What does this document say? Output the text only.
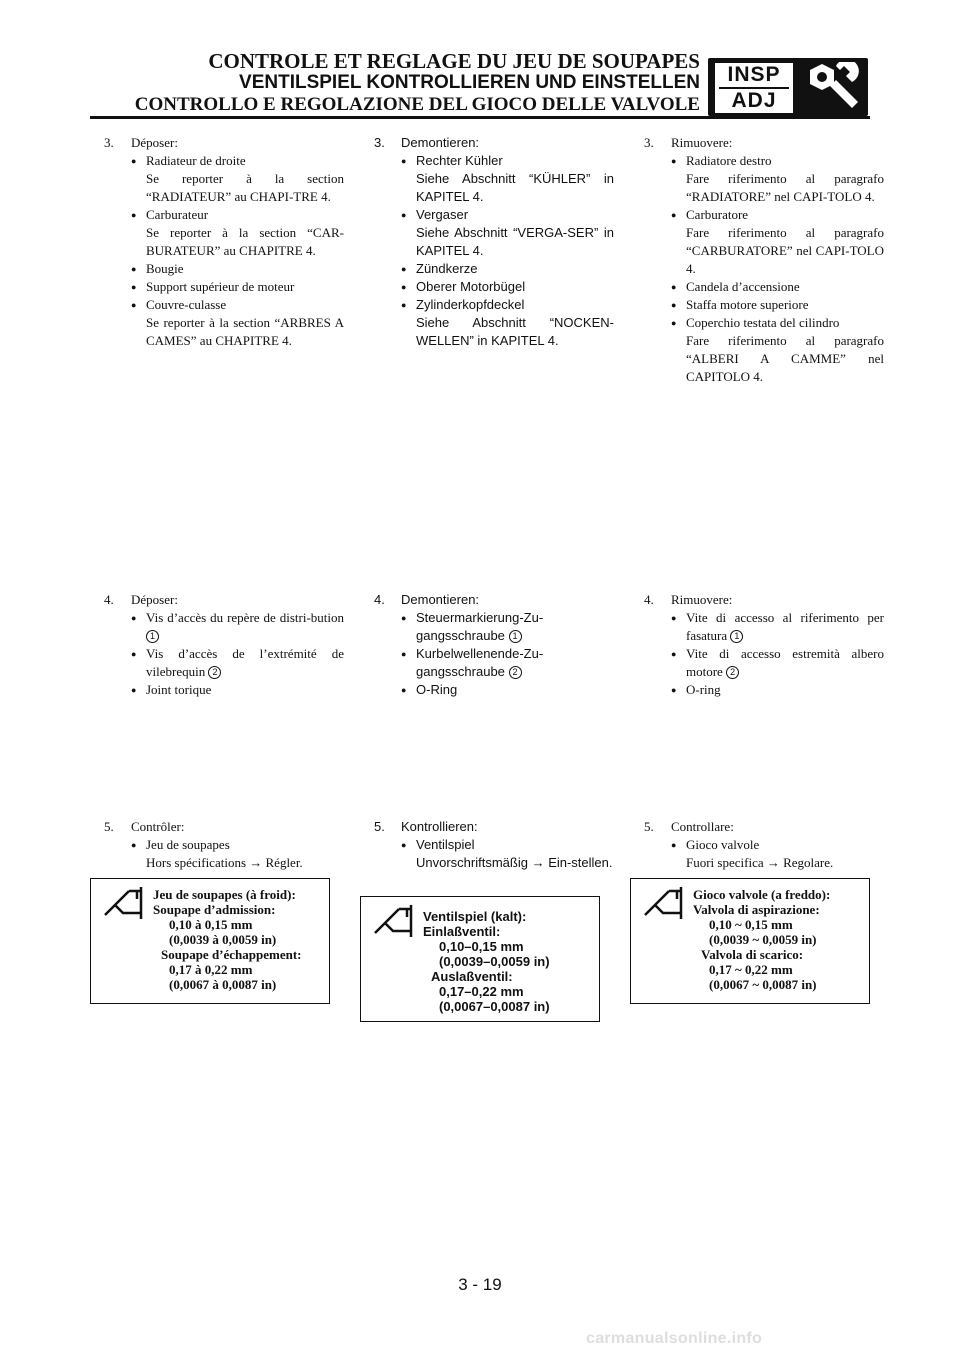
CONTROLE ET REGLAGE DU JEU DE SOUPAPES
VENTILSPIEL KONTROLLIEREN UND EINSTELLEN
CONTROLLO E REGOLAZIONE DEL GIOCO DELLE VALVOLE
INSP
ADJ
3. Déposer:
● Radiateur de droite
Se reporter à la section “RADIATEUR” au CHAPI-TRE 4.
● Carburateur
Se reporter à la section “CAR-BURATEUR” au CHAPITRE 4.
● Bougie
● Support supérieur de moteur
● Couvre-culasse
Se reporter à la section “ARBRES A CAMES” au CHAPITRE 4.
4. Déposer:
● Vis d’accès du repère de distri-bution 1
● Vis d’accès de l’extrémité de vilebrequin 2
● Joint torique
5. Contrôler:
● Jeu de soupapes
Hors spécifications → Régler.
Jeu de soupapes (à froid):
Soupape d’admission:

0,10 à 0,15 mm
(0,0039 à 0,0059 in)
Soupape d’échappement:
0,17 à 0,22 mm
(0,0067 à 0,0087 in)
3. Demontieren:
● Rechter Kühler
Siehe Abschnitt “KÜHLER” in KAPITEL 4.
● Vergaser
Siehe Abschnitt “VERGA-SER” in KAPITEL 4.
● Zündkerze
● Oberer Motorbügel
● Zylinderkopfdeckel
Siehe Abschnitt “NOCKEN-WELLEN” in KAPITEL 4.
4. Demontieren:
● Steuermarkierung-Zu-gangsschraube 1
● Kurbelwellenende-Zu-gangsschraube 2
● O-Ring
5. Kontrollieren:
● Ventilspiel
Unvorschriftsmäßig → Ein-stellen.
Ventilspiel (kalt):
Einlaßventil:

0,10–0,15 mm
(0,0039–0,0059 in)
Auslaßventil:
0,17–0,22 mm
(0,0067–0,0087 in)
3. Rimuovere:
● Radiatore destro
Fare riferimento al paragrafo “RADIATORE” nel CAPI-TOLO 4.
● Carburatore
Fare riferimento al paragrafo “CARBURATORE” nel CAPI-TOLO 4.
● Candela d’accensione
● Staffa motore superiore
● Coperchio testata del cilindro
Fare riferimento al paragrafo “ALBERI A CAMME” nel CAPITOLO 4.
4. Rimuovere:
● Vite di accesso al riferimento per fasatura 1
● Vite di accesso estremità albero motore 2
● O-ring
5. Controllare:
● Gioco valvole
Fuori specifica → Regolare.
Gioco valvole (a freddo):
Valvola di aspirazione:

0,10 ~ 0,15 mm
(0,0039 ~ 0,0059 in)
Valvola di scarico:
0,17 ~ 0,22 mm
(0,0067 ~ 0,0087 in)
3 - 19
carmanualsonline.info
